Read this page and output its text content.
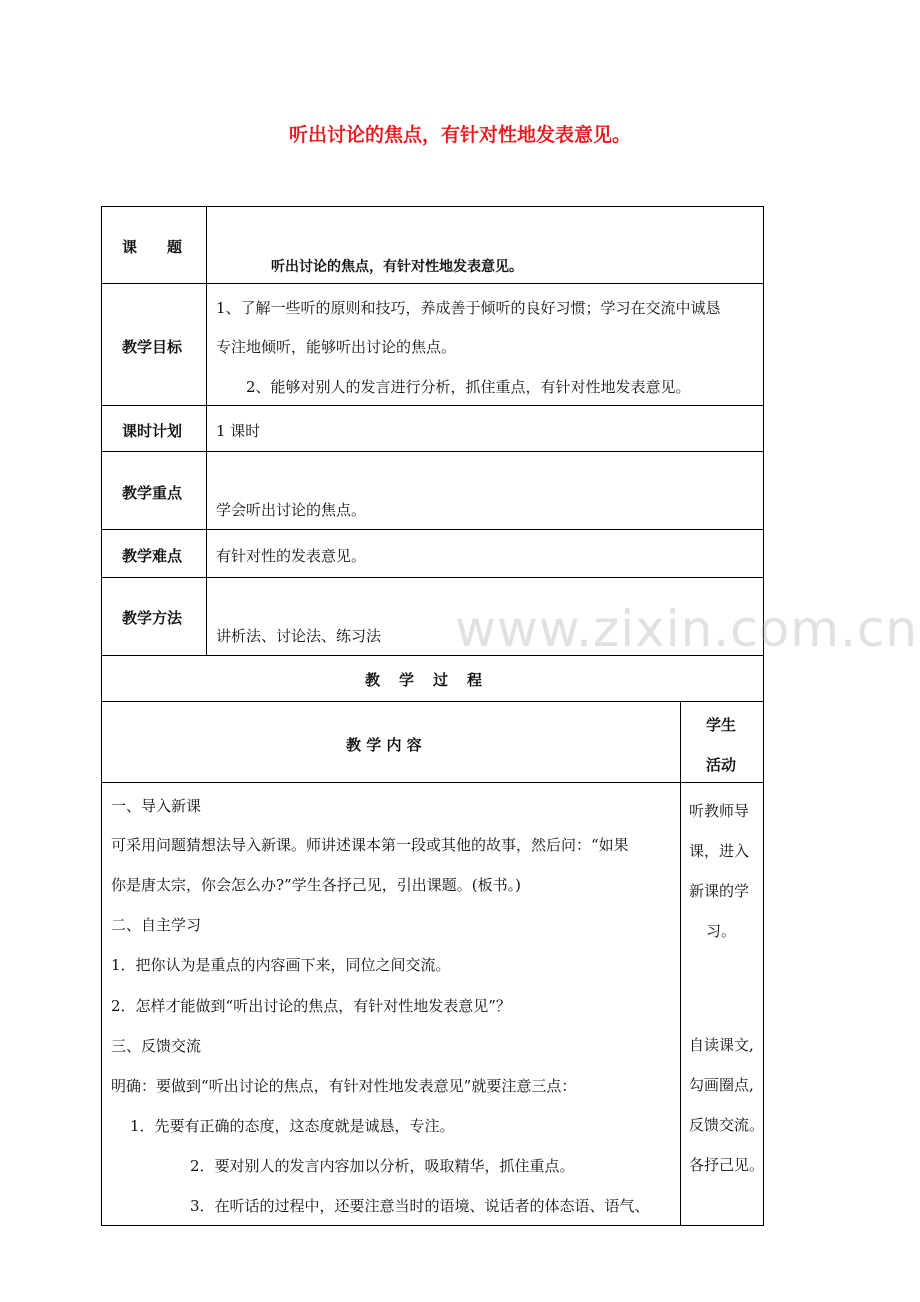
听出讨论的焦点，有针对性地发表意见。
课　　题
教学目标
课时计划
教学重点
教学难点
教学方法
听出讨论的焦点，有针对性地发表意见。
1、了解一些听的原则和技巧，养成善于倾听的良好习惯；学习在交流中诚恳
专注地倾听，能够听出讨论的焦点。
2、能够对别人的发言进行分析，抓住重点，有针对性地发表意见。
1 课时
学会听出讨论的焦点。
有针对性的发表意见。
讲析法、讨论法、练习法 www.zixin.com.cn
教　学　过　程
教 学 内 容
学生
活动
一、导入新课
可采用问题猜想法导入新课。师讲述课本第一段或其他的故事，然后问：“如果
你是唐太宗，你会怎么办?”学生各抒己见，引出课题。(板书。)
二、自主学习
1．把你认为是重点的内容画下来，同位之间交流。
2．怎样才能做到“听出讨论的焦点，有针对性地发表意见”？
三、反馈交流
明确：要做到“听出讨论的焦点，有针对性地发表意见”就要注意三点：
1．先要有正确的态度，这态度就是诚恳，专注。
2．要对别人的发言内容加以分析，吸取精华，抓住重点。
3．在听话的过程中，还要注意当时的语境、说话者的体态语、语气、
听教师导
课，进入
新课的学
习。
自读课文,
勾画圈点,
反馈交流。
各抒己见。
